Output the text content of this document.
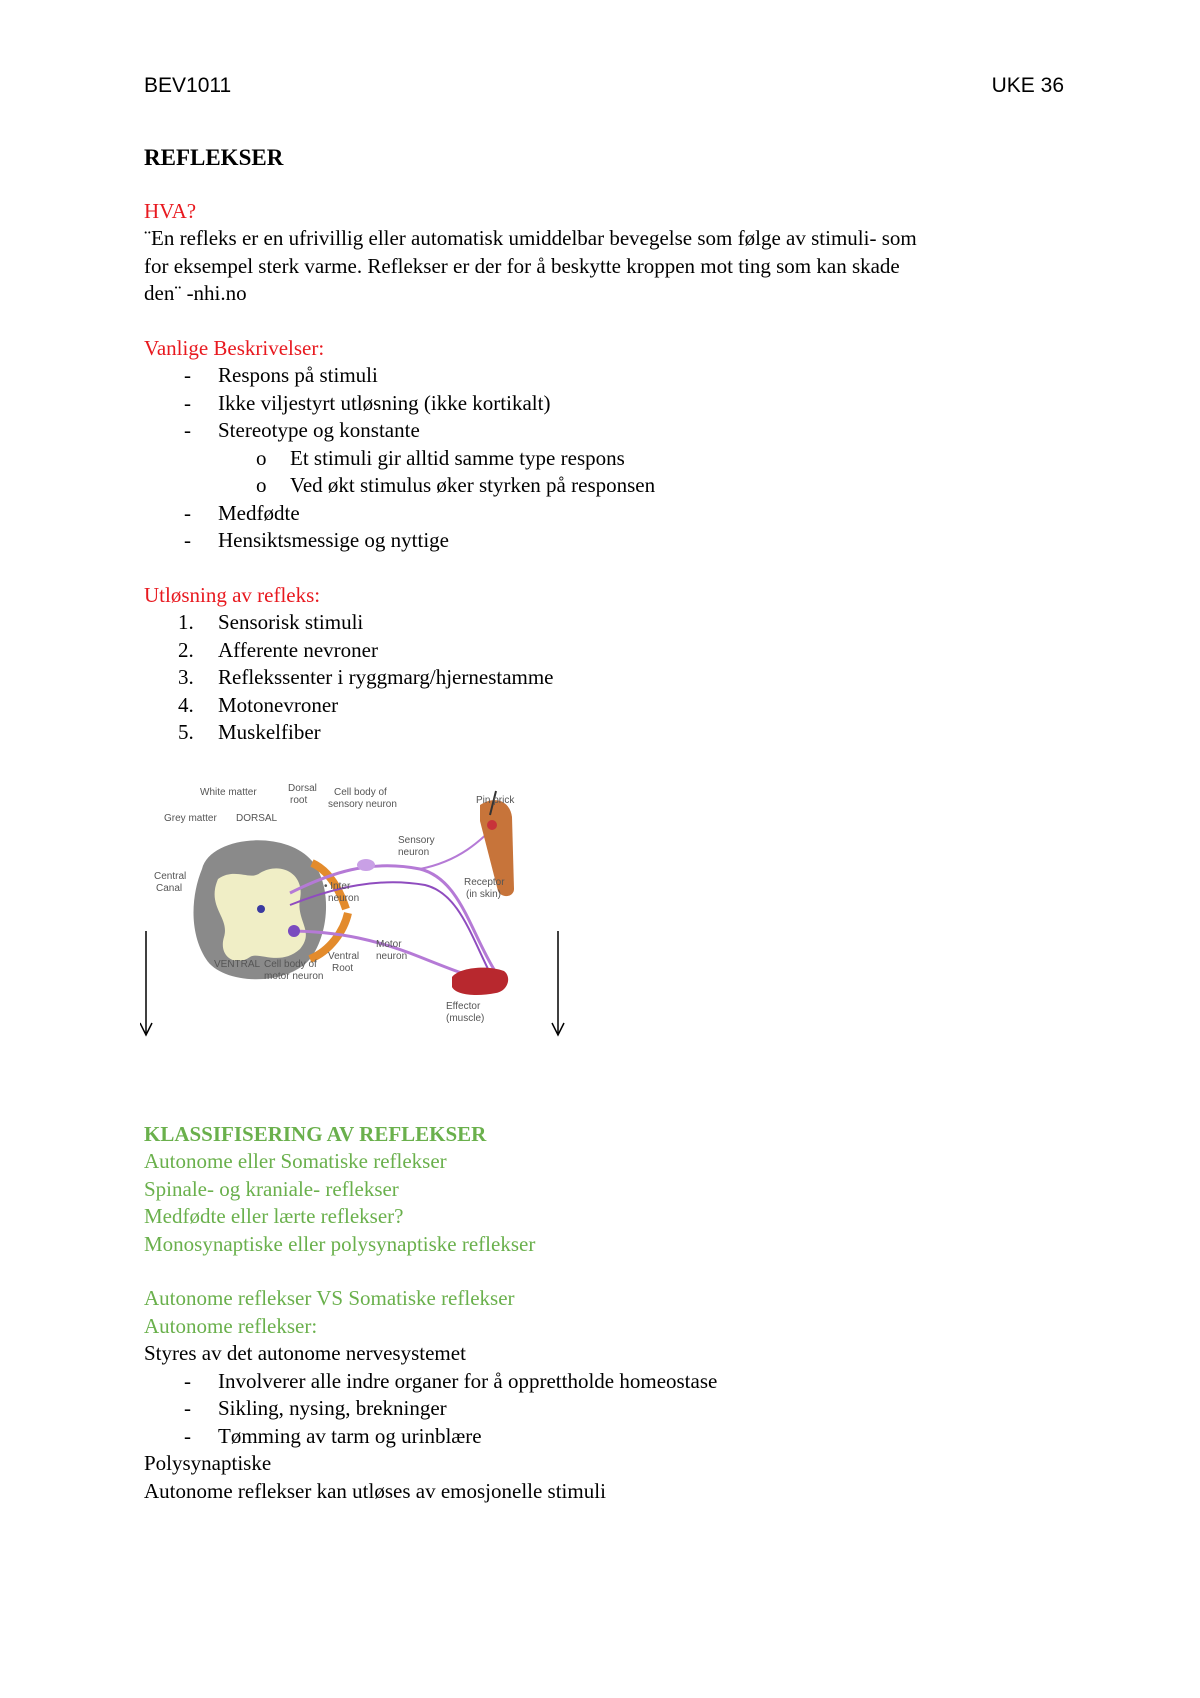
BEV1011	UKE 36
REFLEKSER
HVA?
¨En refleks er en ufrivillig eller automatisk umiddelbar bevegelse som følge av stimuli- som
for eksempel sterk varme. Reflekser er der for å beskytte kroppen mot ting som kan skade
den¨ -nhi.no
Vanlige Beskrivelser:
- Respons på stimuli
- Ikke viljestyrt utløsning (ikke kortikalt)
- Stereotype og konstante
o Et stimuli gir alltid samme type respons
o Ved økt stimulus øker styrken på responsen
- Medfødte
- Hensiktsmessige og nyttige
Utløsning av refleks:
1. Sensorisk stimuli
2. Afferente nevroner
3. Reflekssenter i ryggmarg/hjernestamme
4. Motonevroner
5. Muskelfiber
White matter
Grey matter DORSAL
Dorsal
root
Cell body of
sensory neuron	Pin prick
Sensory
neuron
Central
Canal	• Inter
neuron
Receptor
(in skin)
VENTRAL Cell body of
motor neuron
Ventral
Root
Motor
neuron
Effector
(muscle)
KLASSIFISERING AV REFLEKSER
Autonome eller Somatiske reflekser
Spinale- og kraniale- reflekser
Medfødte eller lærte reflekser?
Monosynaptiske eller polysynaptiske reflekser
Autonome reflekser VS Somatiske reflekser
Autonome reflekser:
Styres av det autonome nervesystemet
- Involverer alle indre organer for å opprettholde homeostase
- Sikling, nysing, brekninger
- Tømming av tarm og urinblære
Polysynaptiske
Autonome reflekser kan utløses av emosjonelle stimuli
